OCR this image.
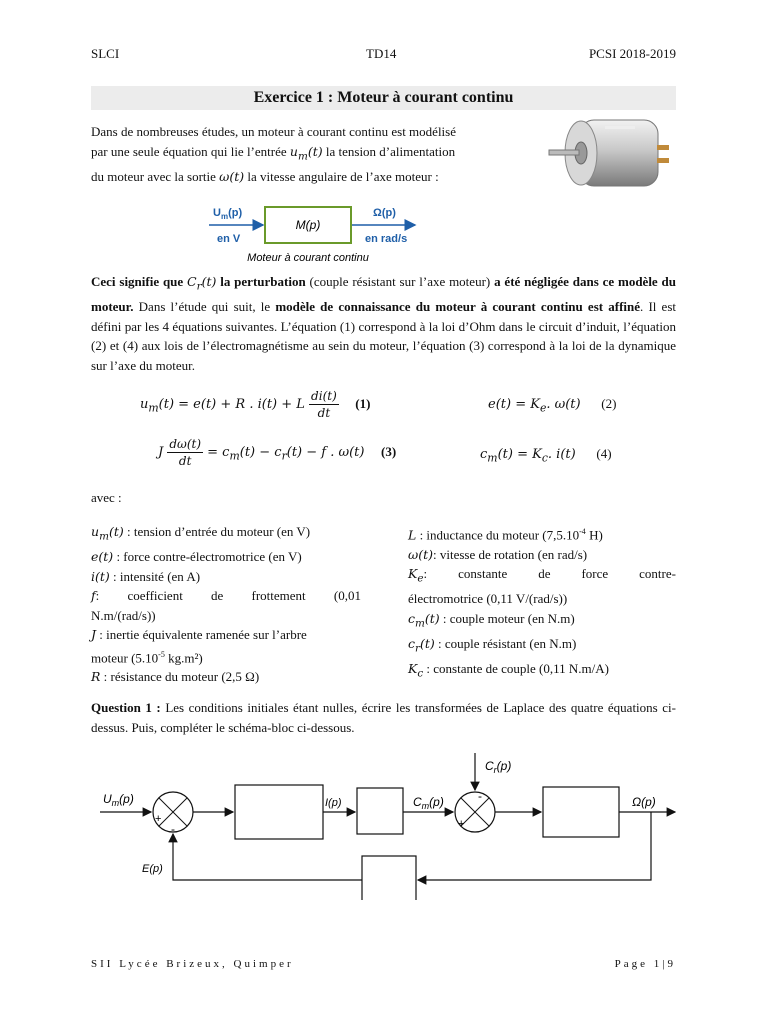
SLCI	TD14	PCSI 2018-2019
Exercice 1 : Moteur à courant continu
Dans de nombreuses études, un moteur à courant continu est modélisé
par une seule équation qui lie l’entrée $u_m(t)$ la tension d’alimentation
du moteur avec la sortie ω(t) la vitesse angulaire de l’axe moteur :
$U_m(p)$
en V
M(p)
Ω(p)
en rad/s
Moteur à courant continu
Ceci signifie que $C_r(t)$ la perturbation (couple résistant sur l’axe moteur) a été négligée dans ce modèle du moteur. Dans l’étude qui suit, le modèle de connaissance du moteur à courant continu est affiné. Il est défini par les 4 équations suivantes. L’équation (1) correspond à la loi d’Ohm dans le circuit d’induit, l’équation (2) et (4) aux lois de l’électromagnétisme au sein du moteur, l’équation (3) correspond à la loi de la dynamique sur l’axe du moteur.
$u_m(t) = e(t) + R$ . i(t) + L $\frac{di(t)}{dt} (1)$	$e(t) = K_e$. ω(t) (2)
J $\frac{d\omega(t)}{dt} = c_m(t) - c_r(t) - f$ . ω(t) (3)	$c_m(t) = K_c$. i(t) (4)
avec :
$u_m(t)$ : tension d’entrée du moteur (en V)
e(t) : force contre-électromotrice (en V)
i(t) : intensité (en A)
f: coefficient de frottement (0,01
N.m/(rad/s))
J : inertie équivalente ramenée sur l’arbre
moteur ($5.10^{-5}$ kg.m²)
R : résistance du moteur (2,5 Ω)
L : inductance du moteur ($7,5.10^{-4}$ H)
ω(t): vitesse de rotation (en rad/s)
$K_e$: constante de force contre-
électromotrice (0,11 V/(rad/s))
$c_m(t)$ : couple moteur (en N.m)
$c_r(t)$ : couple résistant (en N.m)
$K_c$ : constante de couple (0,11 N.m/A)
Question 1 : Les conditions initiales étant nulles, écrire les transformées de Laplace des quatre équations ci-dessus. Puis, compléter le schéma-bloc ci-dessous.
$U_m(p)$
+
-
I(p)	$C_m(p)$	-
+
$C_r(p)$
Ω(p)
E(p)
SII Lycée Brizeux, Quimper	Page 1|9
